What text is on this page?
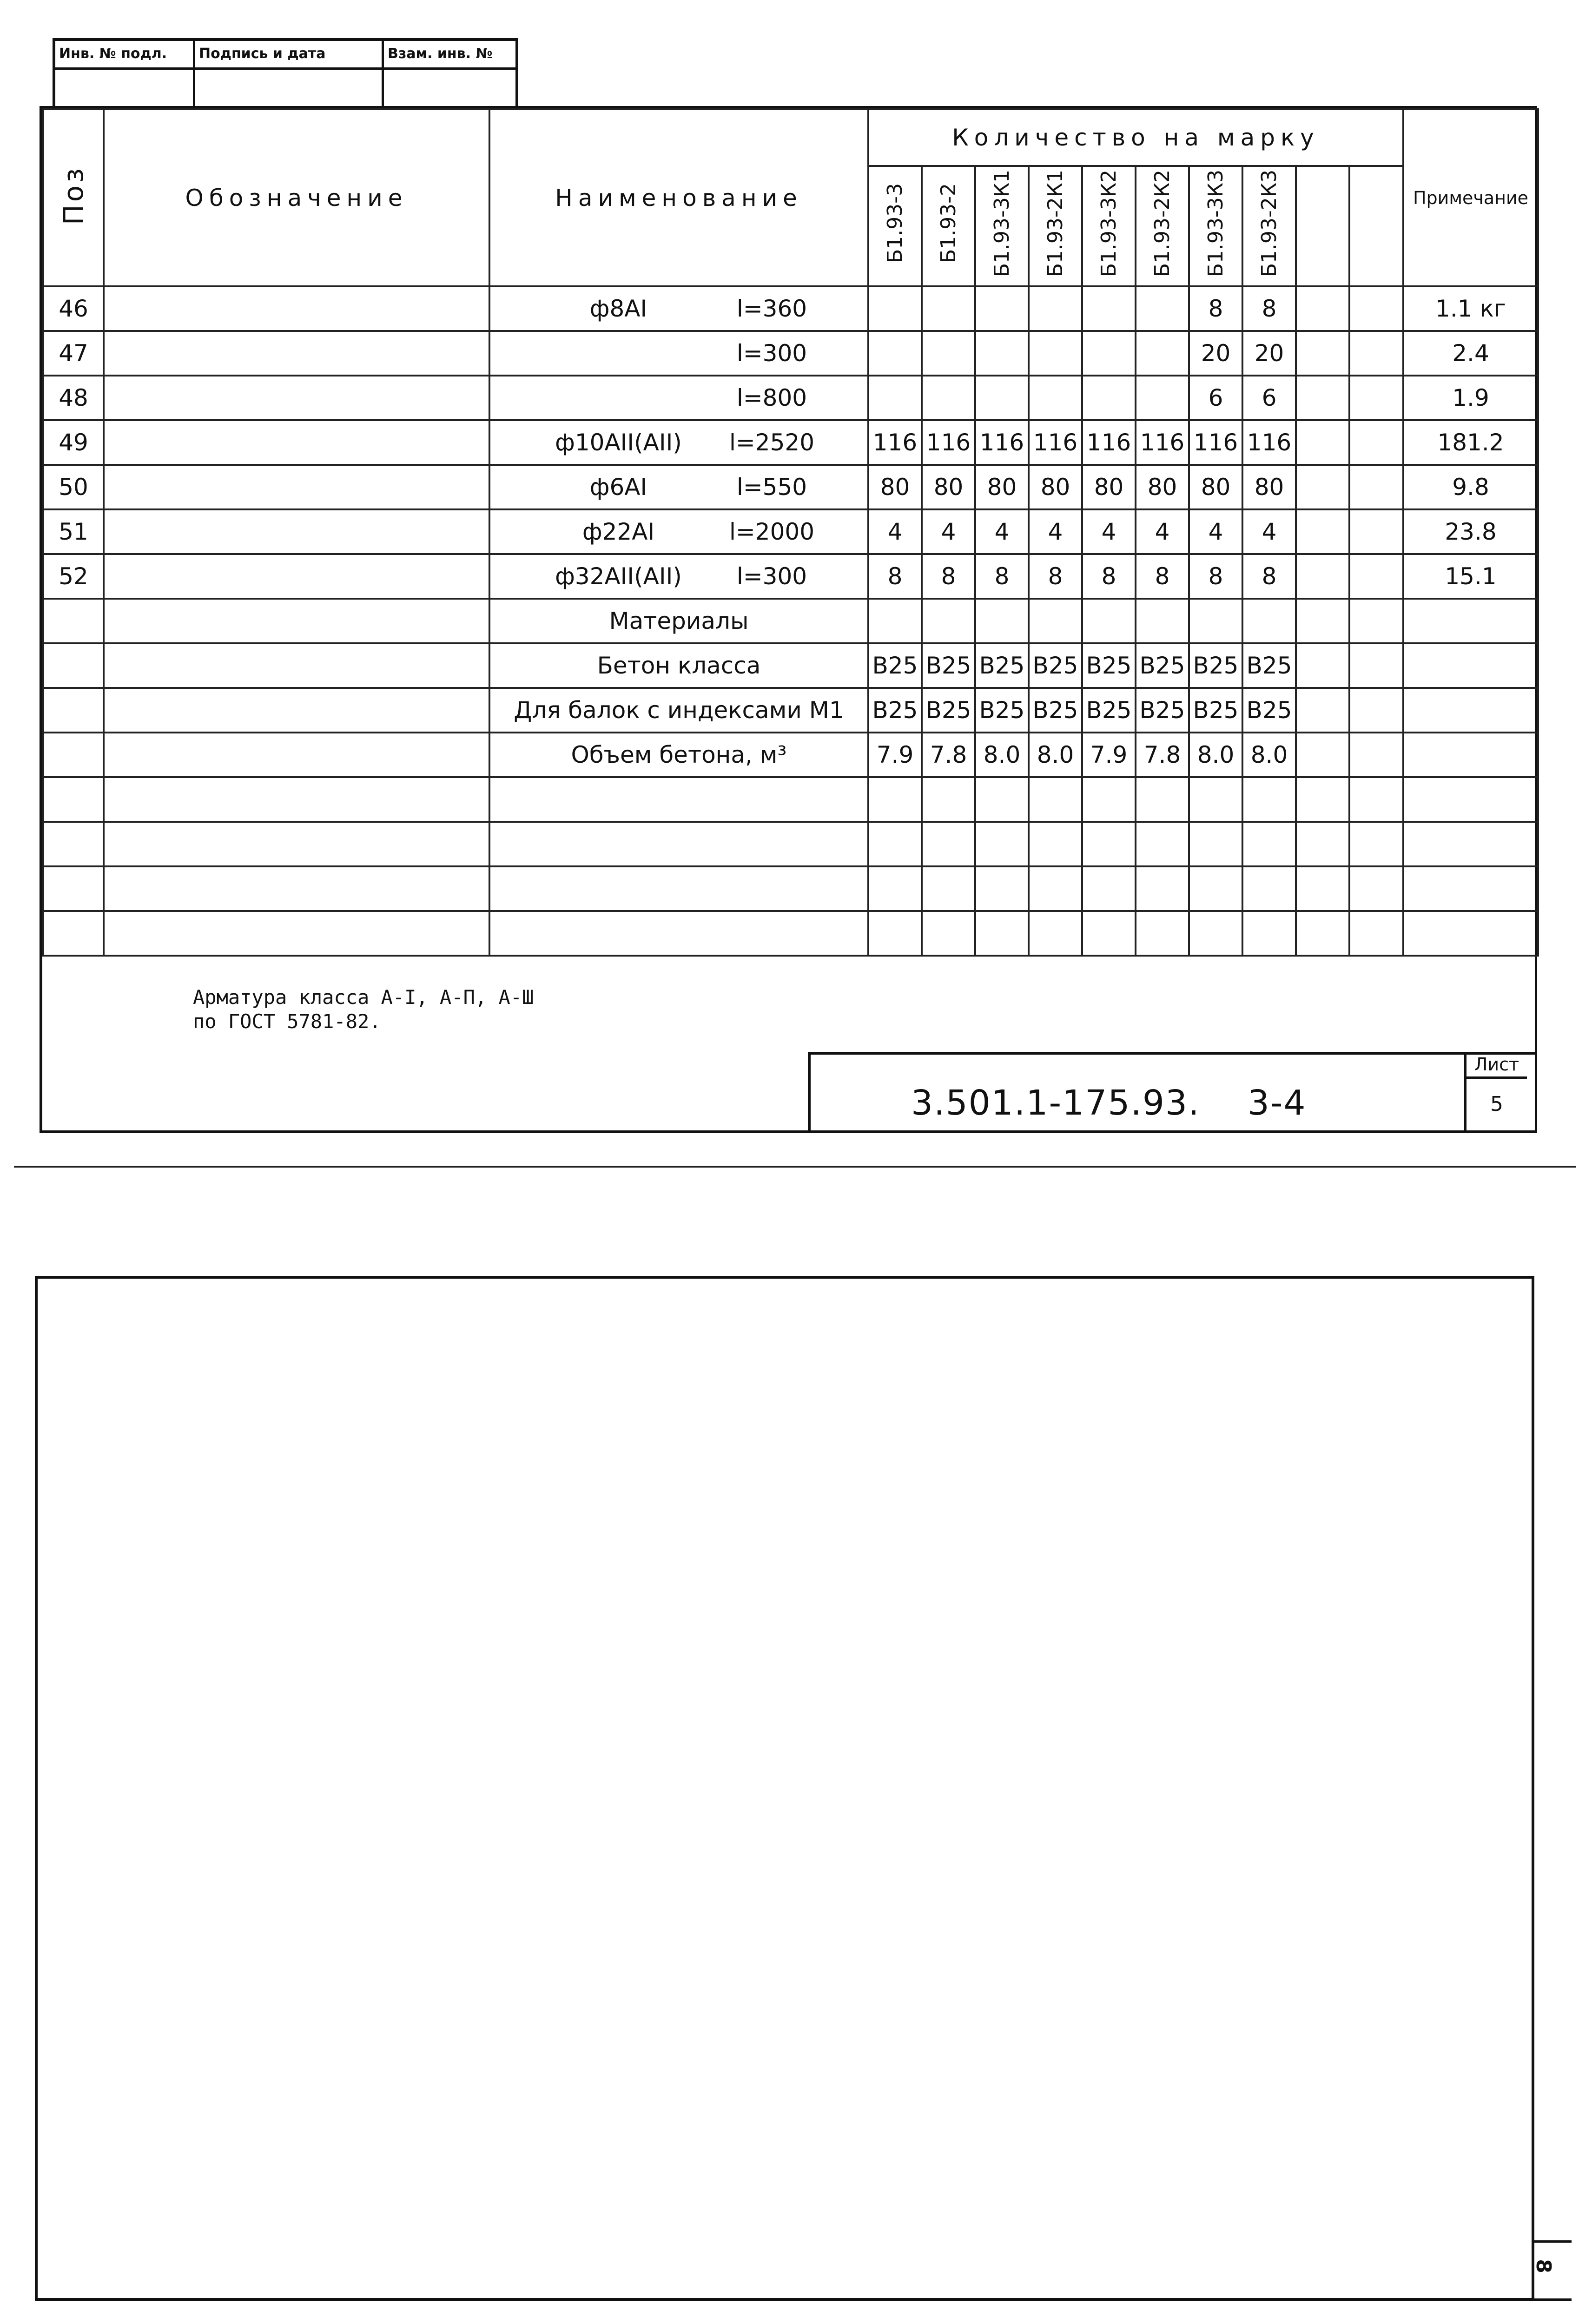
Инв. № подл.	Подпись и дата	Взам. инв. №
Поз	Обозначение	Наименование	Количество на марку										Примечание
			Б1.93-3	Б1.93-2	Б1.93-3К1	Б1.93-2К1	Б1.93-3К2	Б1.93-2К2	Б1.93-3К3	Б1.93-2К3			
46		ф8АI l=360							8	8			1.1 кг
47		l=300							20	20			2.4
48		l=800							6	6			1.9
49		ф10АII(АII) l=2520	116	116	116	116	116	116	116	116			181.2
50		ф6АI l=550	80	80	80	80	80	80	80	80			9.8
51		ф22АI l=2000	4	4	4	4	4	4	4	4			23.8
52		ф32АII(АII) l=300	8	8	8	8	8	8	8	8			15.1
		Материалы											
		Бетон класса	В25	В25	В25	В25	В25	В25	В25	В25			
		Для балок с индексами М1	В25	В25	В25	В25	В25	В25	В25	В25			
		Объем бетона, м³	7.9	7.8	8.0	8.0	7.9	7.8	8.0	8.0			

Арматура класса А-I, А-П, А-Ш
по ГОСТ 5781-82.
3.501.1-175.93.    3-4
Лист
5
8
